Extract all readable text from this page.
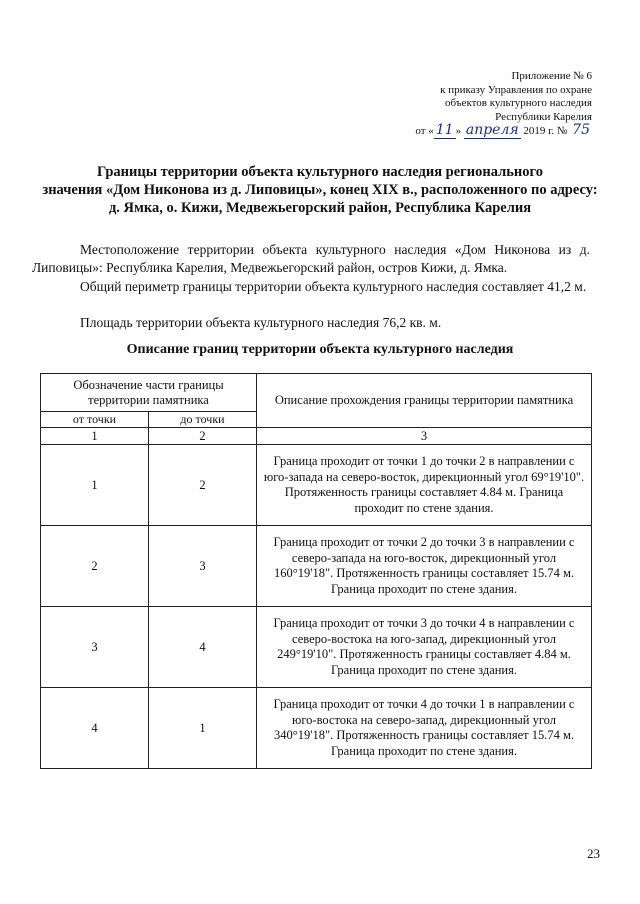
Приложение № 6
к приказу Управления по охране
объектов культурного наследия
Республики Карелия
от « 11 » апреля 2019 г. № 75
Границы территории объекта культурного наследия регионального
значения «Дом Никонова из д. Липовицы», конец XIX в., расположенного по адресу:
д. Ямка, о. Кижи, Медвежьегорский район, Республика Карелия
Местоположение территории объекта культурного наследия «Дом Никонова из д. Липовицы»: Республика Карелия, Медвежьегорский район, остров Кижи, д. Ямка.
Общий периметр границы территории объекта культурного наследия составляет 41,2 м.
Площадь территории объекта культурного наследия 76,2 кв. м.
Описание границ территории объекта культурного наследия
Обозначение части границы территории памятника		Описание прохождения границы территории памятника
от точки	до точки	
1	2	3
1	2	Граница проходит от точки 1 до точки 2 в направлении с юго-запада на северо-восток, дирекционный угол 69°19'10". Протяженность границы составляет 4.84 м. Граница проходит по стене здания.
2	3	Граница проходит от точки 2 до точки 3 в направлении с северо-запада на юго-восток, дирекционный угол 160°19'18". Протяженность границы составляет 15.74 м. Граница проходит по стене здания.
3	4	Граница проходит от точки 3 до точки 4 в направлении с северо-востока на юго-запад, дирекционный угол 249°19'10". Протяженность границы составляет 4.84 м. Граница проходит по стене здания.
4	1	Граница проходит от точки 4 до точки 1 в направлении с юго-востока на северо-запад, дирекционный угол 340°19'18". Протяженность границы составляет 15.74 м. Граница проходит по стене здания.
23
